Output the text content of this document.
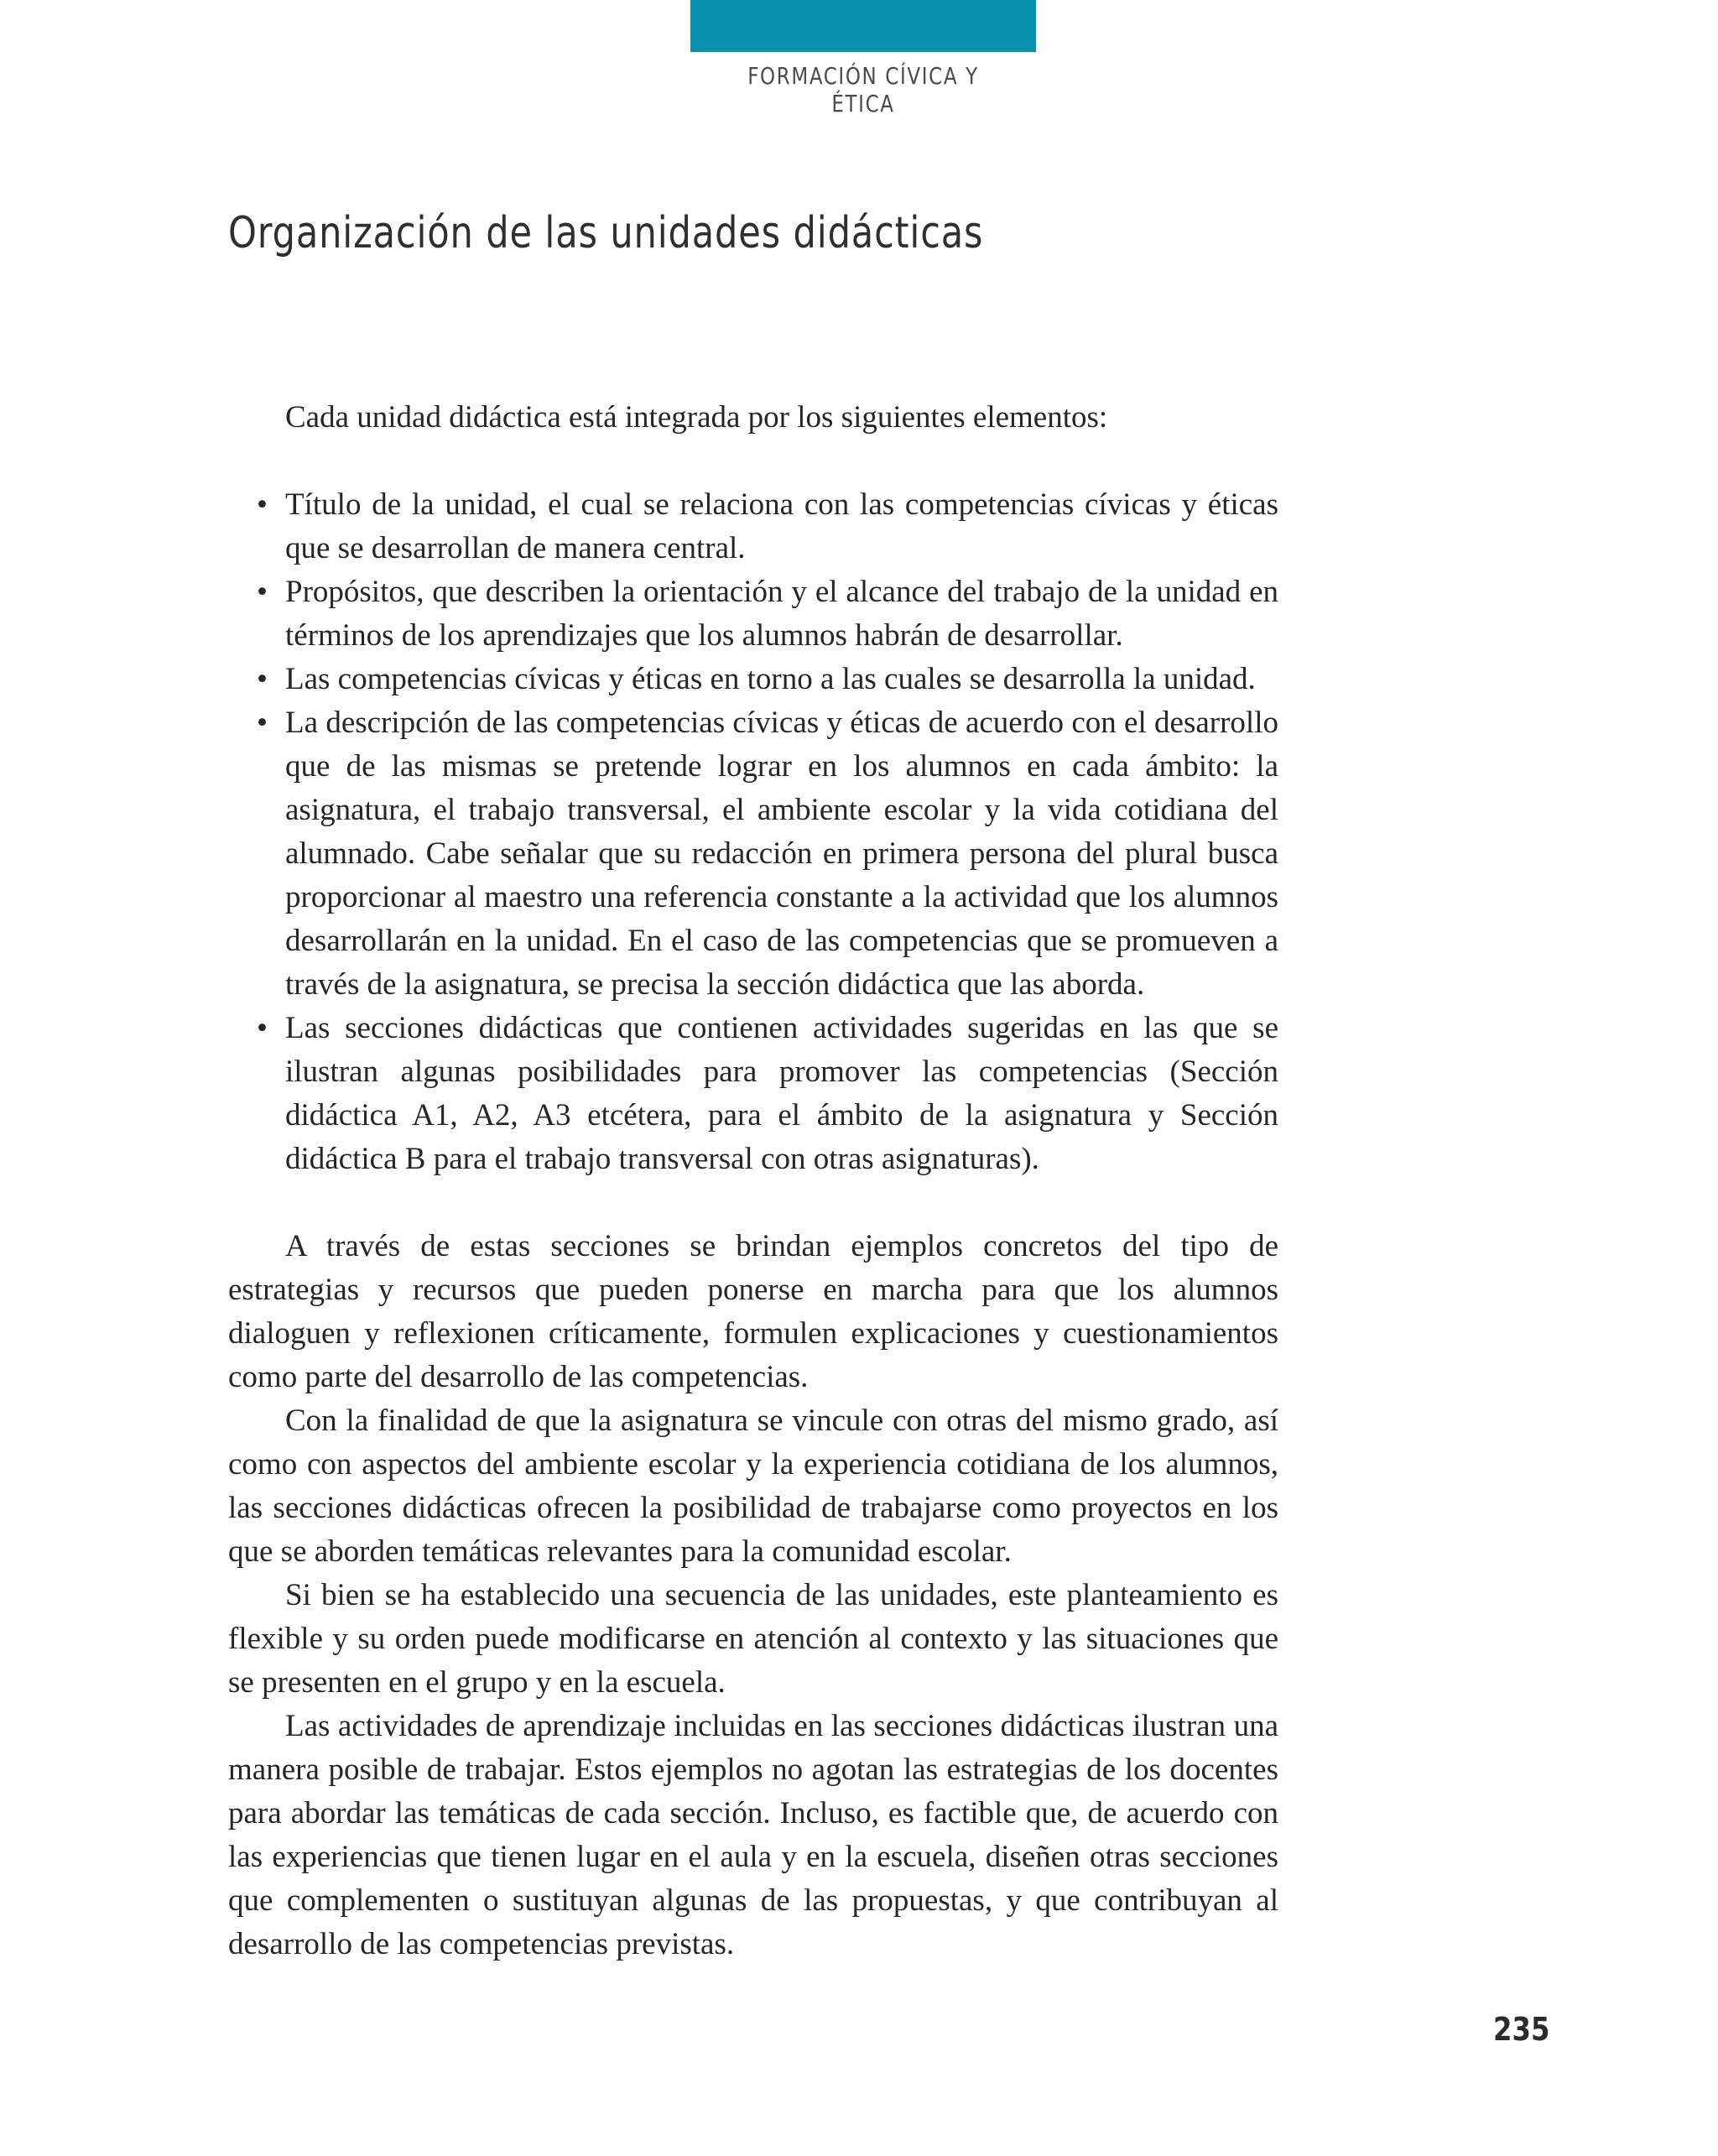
FORMACIÓN CÍVICA Y ÉTICA
Organización de las unidades didácticas

Cada unidad didáctica está integrada por los siguientes elementos:

• Título de la unidad, el cual se relaciona con las competencias cívicas y éticas que se desarrollan de manera central.
• Propósitos, que describen la orientación y el alcance del trabajo de la unidad en términos de los aprendizajes que los alumnos habrán de desarrollar.
• Las competencias cívicas y éticas en torno a las cuales se desarrolla la unidad.
• La descripción de las competencias cívicas y éticas de acuerdo con el desarrollo que de las mismas se pretende lograr en los alumnos en cada ámbito: la asignatura, el trabajo transversal, el ambiente escolar y la vida cotidiana del alumnado. Cabe señalar que su redacción en primera persona del plural busca proporcionar al maestro una referencia constante a la actividad que los alumnos desarrollarán en la unidad. En el caso de las competencias que se promueven a través de la asignatura, se precisa la sección didáctica que las aborda.
• Las secciones didácticas que contienen actividades sugeridas en las que se ilustran algunas posibilidades para promover las competencias (Sección didáctica A1, A2, A3 etcétera, para el ámbito de la asignatura y Sección didáctica B para el trabajo transversal con otras asignaturas).

A través de estas secciones se brindan ejemplos concretos del tipo de estrategias y recursos que pueden ponerse en marcha para que los alumnos dialoguen y reflexionen críticamente, formulen explicaciones y cuestionamientos como parte del desarrollo de las competencias.

Con la finalidad de que la asignatura se vincule con otras del mismo grado, así como con aspectos del ambiente escolar y la experiencia cotidiana de los alumnos, las secciones didácticas ofrecen la posibilidad de trabajarse como proyectos en los que se aborden temáticas relevantes para la comunidad escolar.

Si bien se ha establecido una secuencia de las unidades, este planteamiento es flexible y su orden puede modificarse en atención al contexto y las situaciones que se presenten en el grupo y en la escuela.

Las actividades de aprendizaje incluidas en las secciones didácticas ilustran una manera posible de trabajar. Estos ejemplos no agotan las estrategias de los docentes para abordar las temáticas de cada sección. Incluso, es factible que, de acuerdo con las experiencias que tienen lugar en el aula y en la escuela, diseñen otras secciones que complementen o sustituyan algunas de las propuestas, y que contribuyan al desarrollo de las competencias previstas.

235
